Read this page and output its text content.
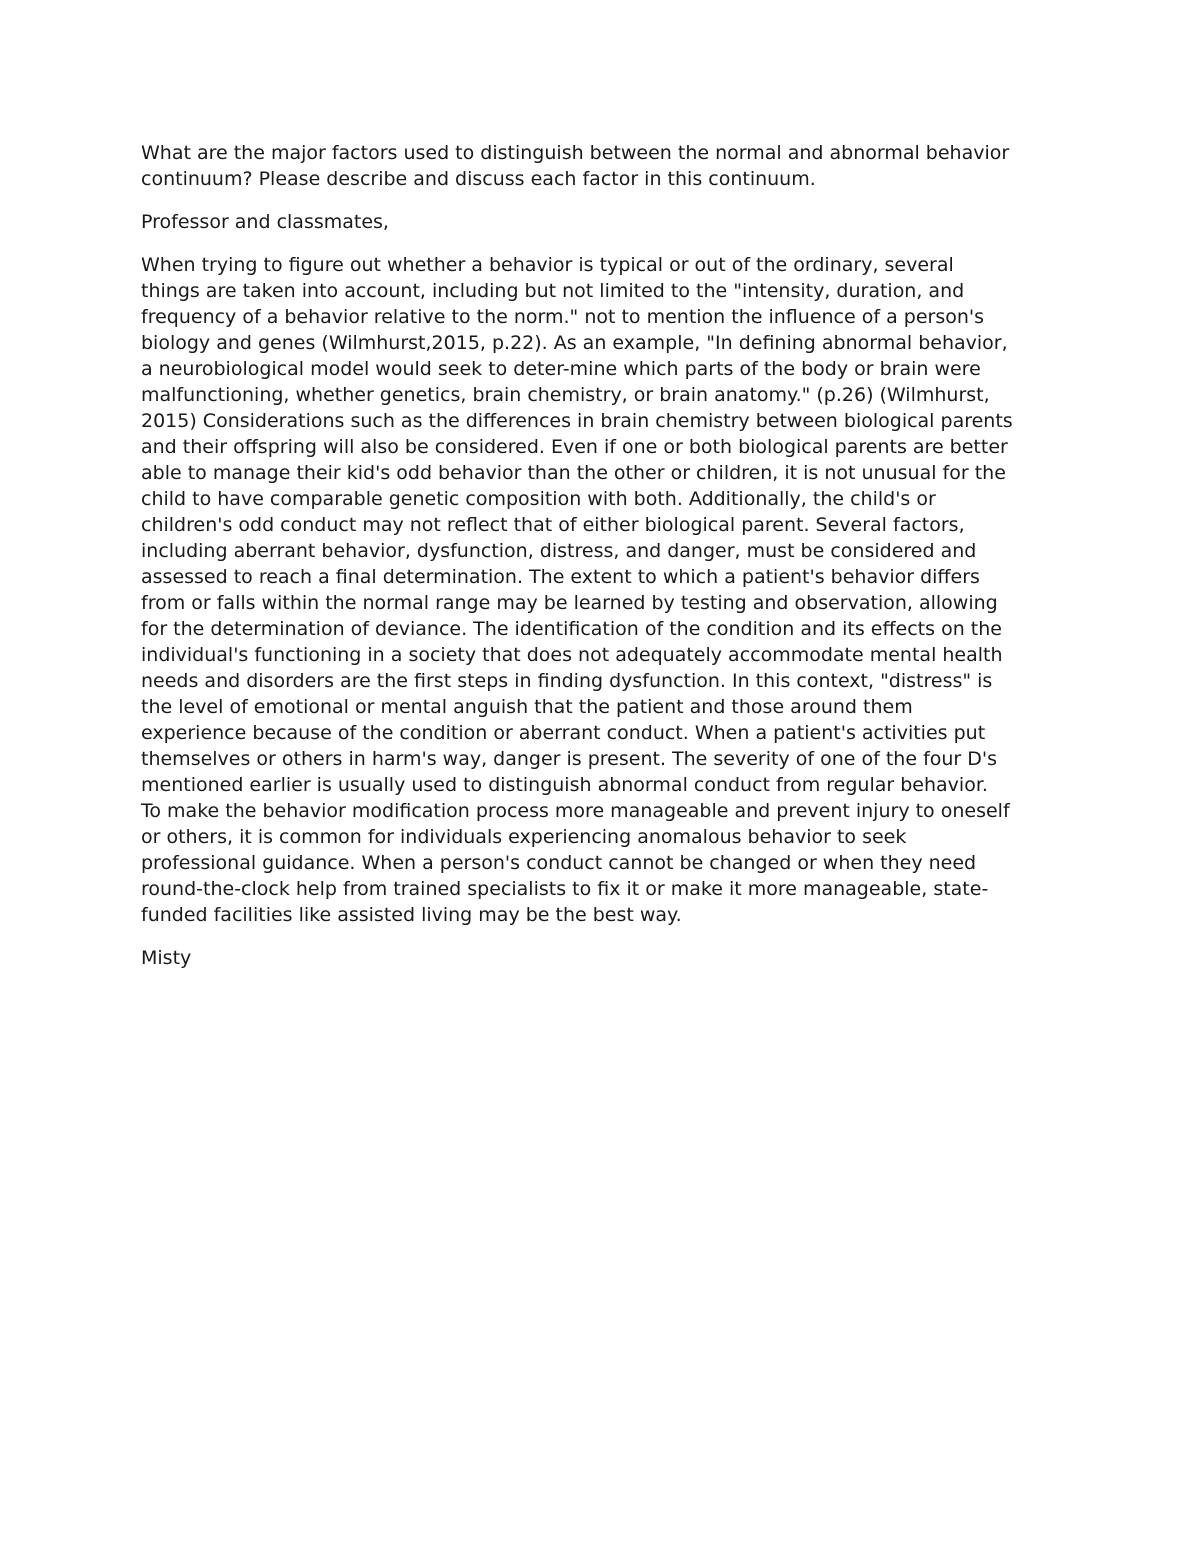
What are the major factors used to distinguish between the normal and abnormal behavior
continuum? Please describe and discuss each factor in this continuum.

Professor and classmates,

When trying to figure out whether a behavior is typical or out of the ordinary, several
things are taken into account, including but not limited to the "intensity, duration, and
frequency of a behavior relative to the norm." not to mention the influence of a person's
biology and genes (Wilmhurst,2015, p.22). As an example, "In defining abnormal behavior,
a neurobiological model would seek to deter-mine which parts of the body or brain were
malfunctioning, whether genetics, brain chemistry, or brain anatomy." (p.26) (Wilmhurst,
2015) Considerations such as the differences in brain chemistry between biological parents
and their offspring will also be considered. Even if one or both biological parents are better
able to manage their kid's odd behavior than the other or children, it is not unusual for the
child to have comparable genetic composition with both. Additionally, the child's or
children's odd conduct may not reflect that of either biological parent. Several factors,
including aberrant behavior, dysfunction, distress, and danger, must be considered and
assessed to reach a final determination. The extent to which a patient's behavior differs
from or falls within the normal range may be learned by testing and observation, allowing
for the determination of deviance. The identification of the condition and its effects on the
individual's functioning in a society that does not adequately accommodate mental health
needs and disorders are the first steps in finding dysfunction. In this context, "distress" is
the level of emotional or mental anguish that the patient and those around them
experience because of the condition or aberrant conduct. When a patient's activities put
themselves or others in harm's way, danger is present. The severity of one of the four D's
mentioned earlier is usually used to distinguish abnormal conduct from regular behavior.
To make the behavior modification process more manageable and prevent injury to oneself
or others, it is common for individuals experiencing anomalous behavior to seek
professional guidance. When a person's conduct cannot be changed or when they need
round-the-clock help from trained specialists to fix it or make it more manageable, state-
funded facilities like assisted living may be the best way.

Misty
